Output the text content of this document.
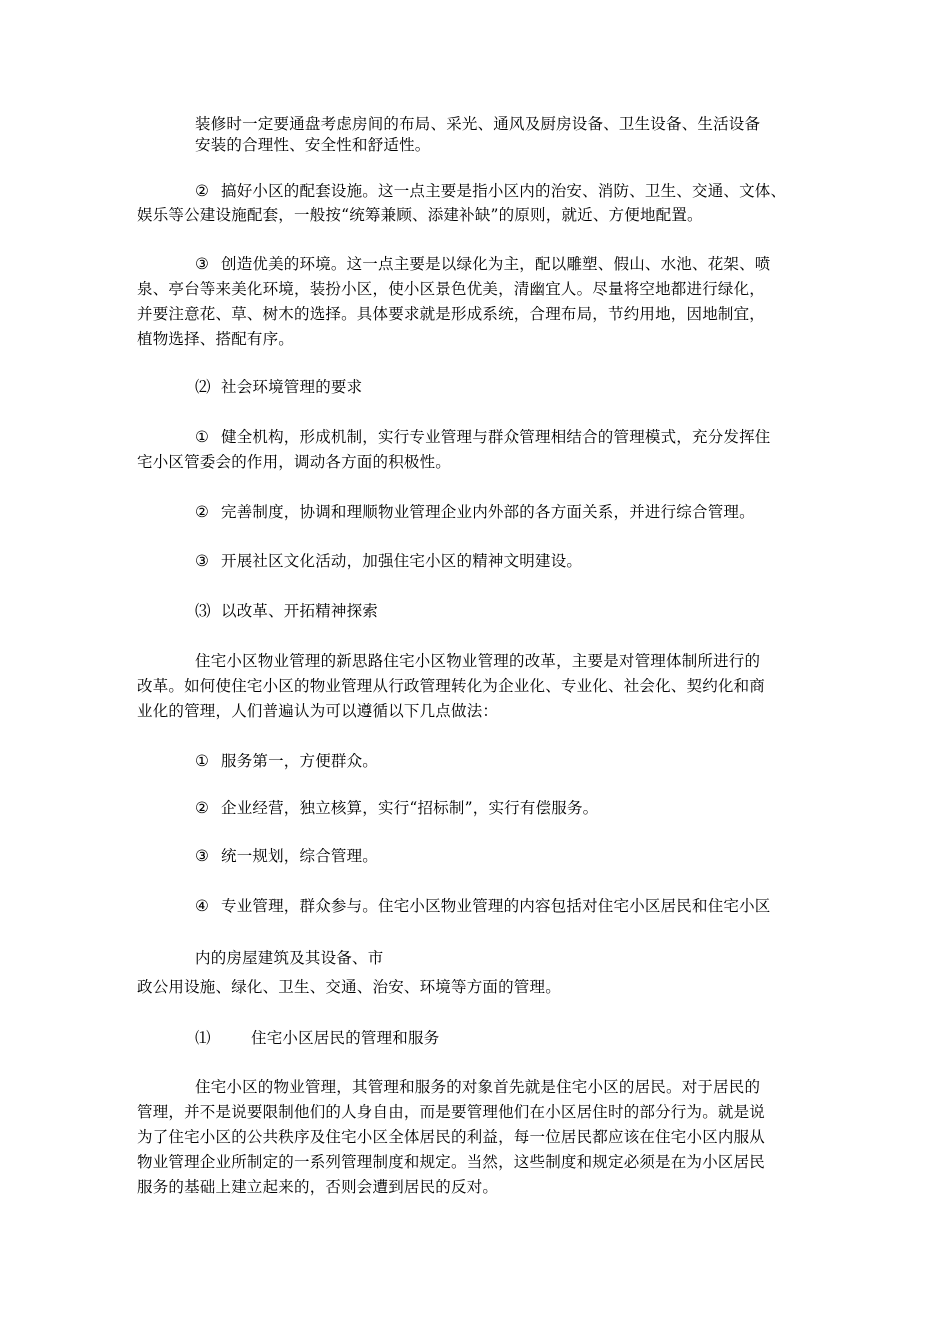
装修时一定要通盘考虑房间的布局、采光、通风及厨房设备、卫生设备、生活设备
安装的合理性、安全性和舒适性。
② 搞好小区的配套设施。这一点主要是指小区内的治安、消防、卫生、交通、文体、
娱乐等公建设施配套，一般按“统筹兼顾、添建补缺”的原则，就近、方便地配置。
③ 创造优美的环境。这一点主要是以绿化为主，配以雕塑、假山、水池、花架、喷
泉、亭台等来美化环境，装扮小区，使小区景色优美，清幽宜人。尽量将空地都进行绿化，
并要注意花、草、树木的选择。具体要求就是形成系统，合理布局，节约用地，因地制宜，
植物选择、搭配有序。
⑵ 社会环境管理的要求
① 健全机构，形成机制，实行专业管理与群众管理相结合的管理模式，充分发挥住
宅小区管委会的作用，调动各方面的积极性。
② 完善制度，协调和理顺物业管理企业内外部的各方面关系，并进行综合管理。
③ 开展社区文化活动，加强住宅小区的精神文明建设。
⑶ 以改革、开拓精神探索
住宅小区物业管理的新思路住宅小区物业管理的改革，主要是对管理体制所进行的
改革。如何使住宅小区的物业管理从行政管理转化为企业化、专业化、社会化、契约化和商
业化的管理，人们普遍认为可以遵循以下几点做法：
① 服务第一，方便群众。
② 企业经营，独立核算，实行“招标制”，实行有偿服务。
③ 统一规划，综合管理。
④ 专业管理，群众参与。住宅小区物业管理的内容包括对住宅小区居民和住宅小区
内的房屋建筑及其设备、市
政公用设施、绿化、卫生、交通、治安、环境等方面的管理。
⑴	住宅小区居民的管理和服务
住宅小区的物业管理，其管理和服务的对象首先就是住宅小区的居民。对于居民的
管理，并不是说要限制他们的人身自由，而是要管理他们在小区居住时的部分行为。就是说
为了住宅小区的公共秩序及住宅小区全体居民的利益，每一位居民都应该在住宅小区内服从
物业管理企业所制定的一系列管理制度和规定。当然，这些制度和规定必须是在为小区居民
服务的基础上建立起来的，否则会遭到居民的反对。
